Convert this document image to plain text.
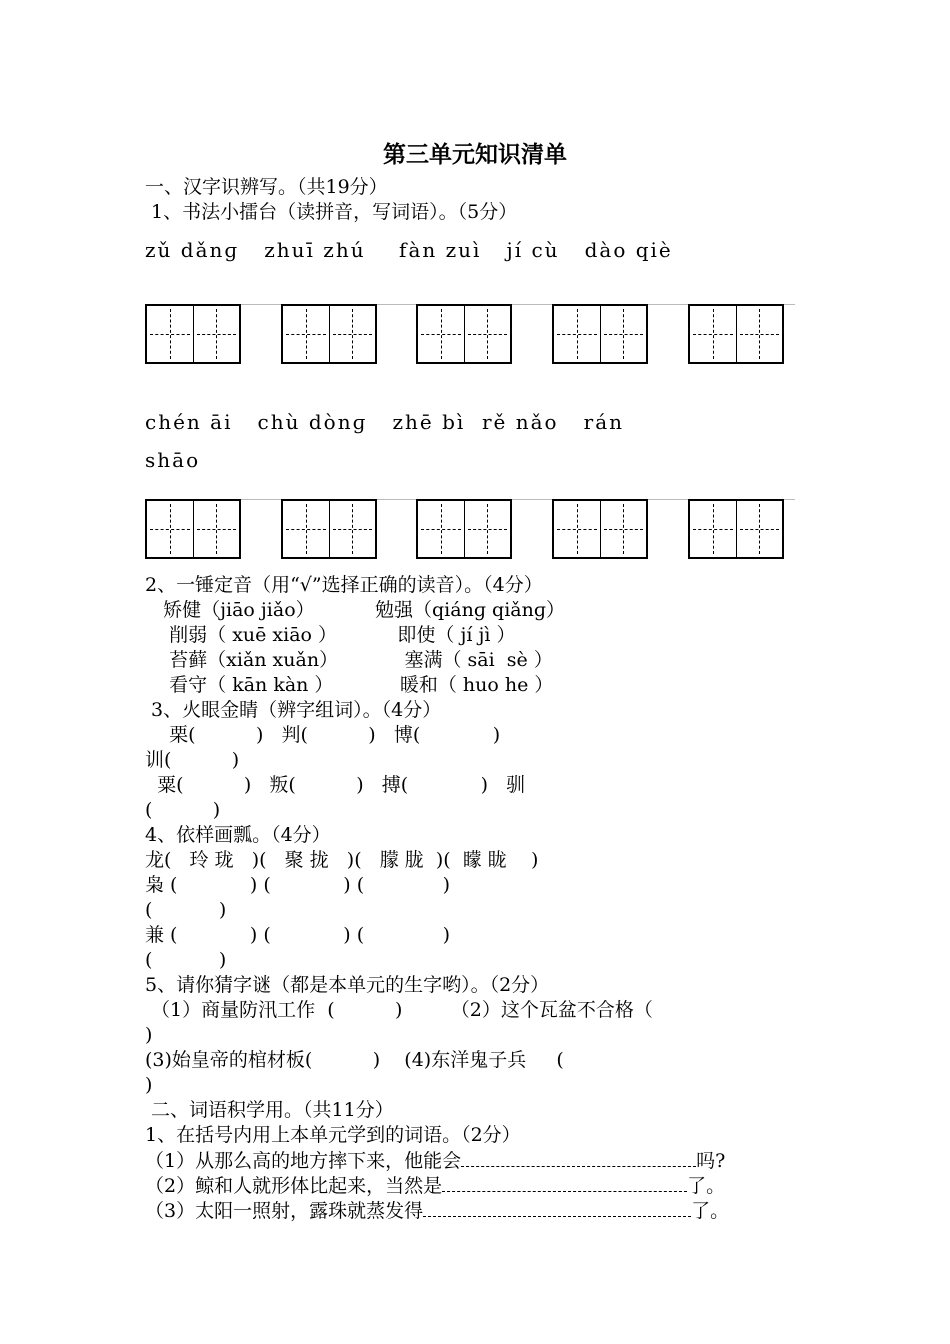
第三单元知识清单
一、汉字识辨写。（共19分）
1、书法小擂台（读拼音，写词语）。（5分）
zǔ dǎnɡ   zhuī zhú    fàn zuì   jí cù   dào qiè
chén āi   chù dònɡ   zhē bì  rě nǎo   rán
shāo
2、一锤定音（用“√”选择正确的读音）。（4分）
矫健（jiāo jiǎo）          勉强（qiánɡ qiǎnɡ）
削弱（ xuē xiāo ）          即使（ jí jì ）
苔藓（xiǎn xuǎn）           塞满（ sāi  sè ）
看守（ kān kàn ）           暖和（ huo he ）
3、火眼金睛（辨字组词）。（4分）
栗(          )   判(          )   博(            )
训(          )
粟(          )   叛(          )   搏(            )   驯
(          )
4、依样画瓢。（4分）
龙(   玲 珑   )(   聚 拢   )(   朦 胧  )(  矇 眬    )
枭 (            ) (            ) (             )
(           )
兼 (            ) (            ) (             )
(           )
5、请你猜字谜（都是本单元的生字哟）。（2分）
（1）商量防汛工作  (          )        （2）这个瓦盆不合格（
)
(3)始皇帝的棺材板(          )    (4)东洋鬼子兵     (
)
二、词语积学用。（共11分）
1、在括号内用上本单元学到的词语。（2分）
（1）从那么高的地方摔下来，他能会	吗?
（2）鲸和人就形体比起来，当然是	了。
（3）太阳一照射，露珠就蒸发得	了。
